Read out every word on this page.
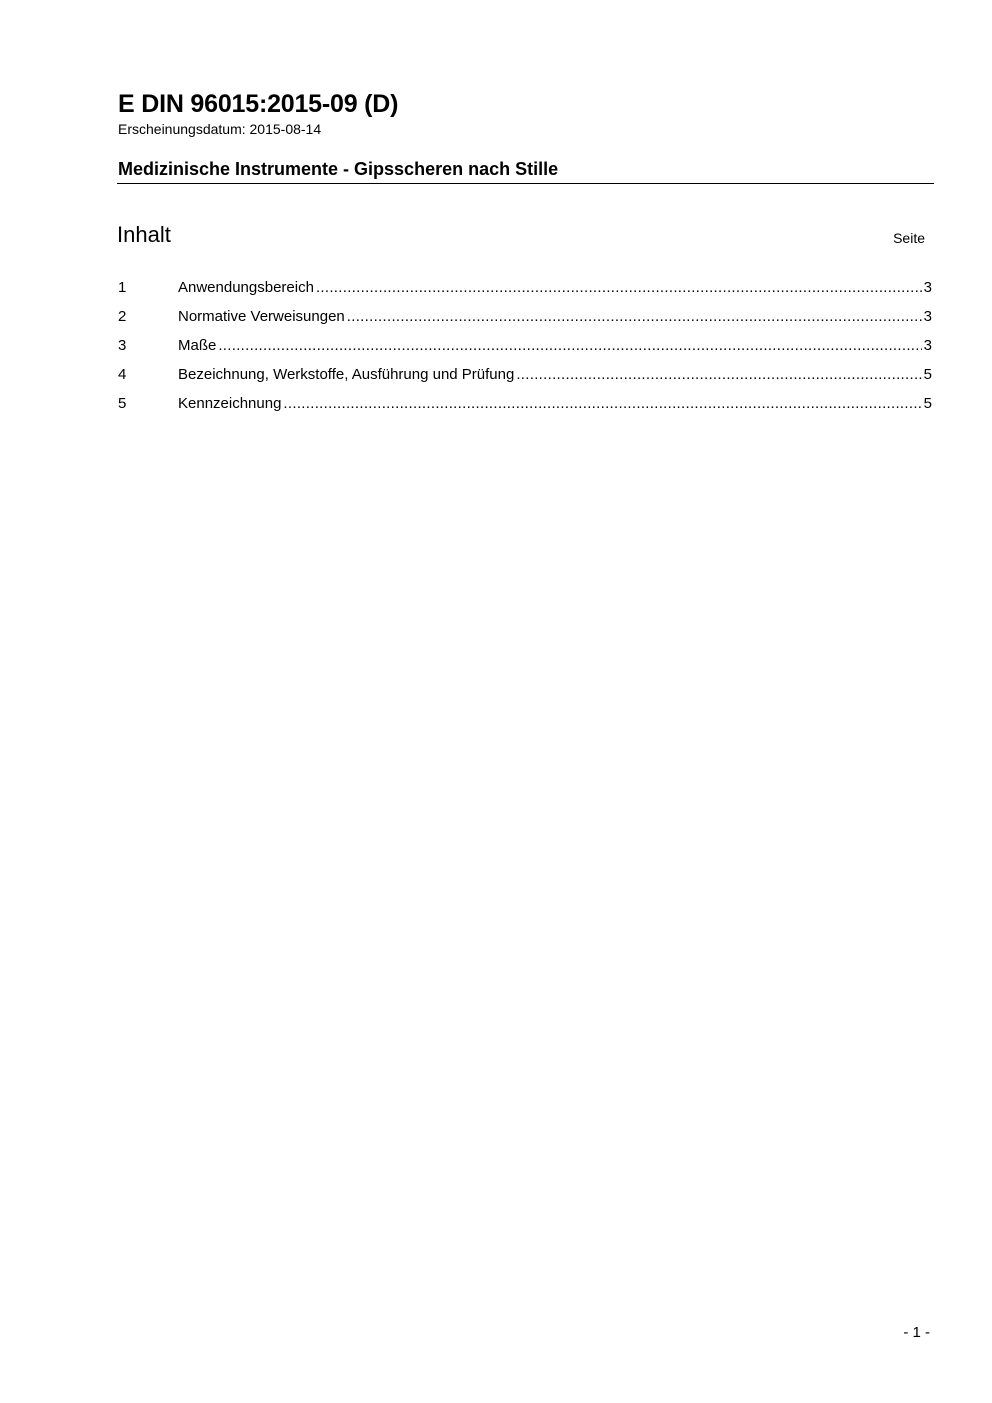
E DIN 96015:2015-09 (D)
Erscheinungsdatum: 2015-08-14
Medizinische Instrumente - Gipsscheren nach Stille
Inhalt	Seite
1	Anwendungsbereich .....	3
2	Normative Verweisungen .....	3
3	Maße .....	3
4	Bezeichnung, Werkstoffe, Ausführung und Prüfung .....	5
5	Kennzeichnung .....	5
- 1 -
